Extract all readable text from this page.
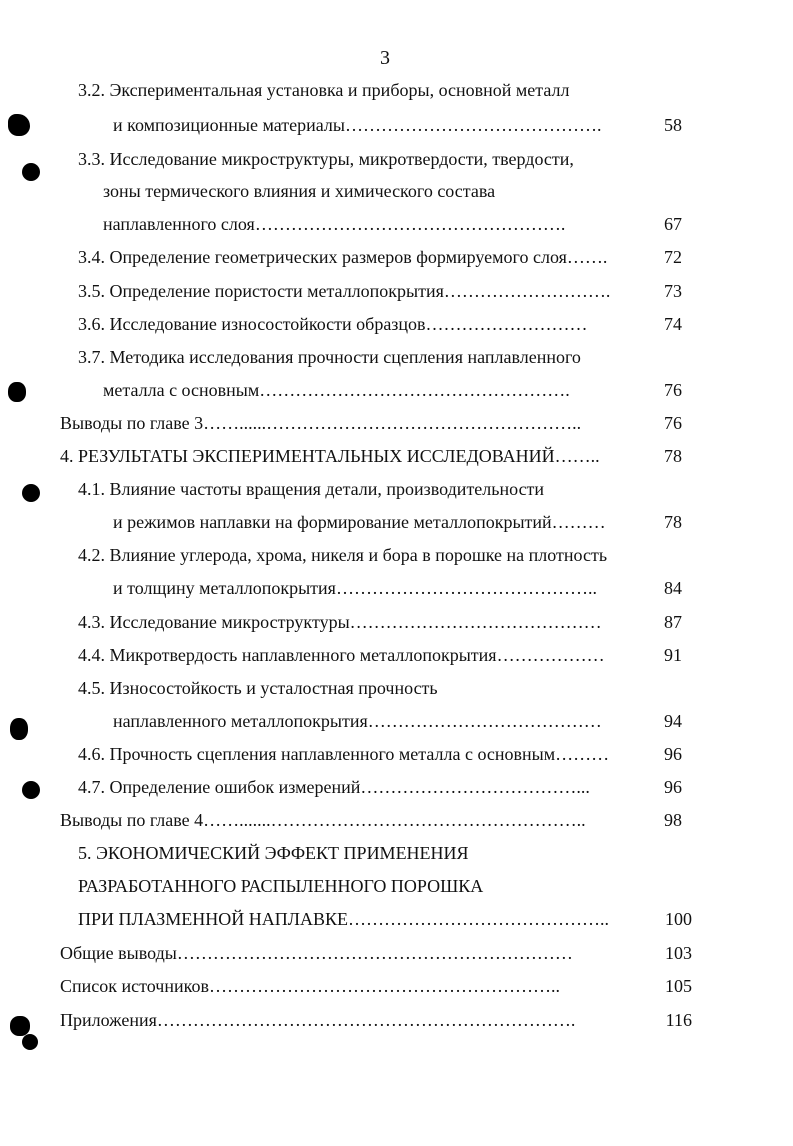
3
3.2. Экспериментальная установка и приборы, основной металл
и композиционные материалы…………………………………….	58
3.3. Исследование микроструктуры, микротвердости, твердости,
зоны термического влияния и химического состава
наплавленного слоя…………………………………………….	67
3.4. Определение геометрических размеров формируемого слоя…….	72
3.5. Определение пористости металлопокрытия……………………….	73
3.6. Исследование износостойкости образцов………………………	74
3.7. Методика исследования прочности сцепления наплавленного
металла с основным…………………………………………….	76
Выводы по главе 3……......……………………………………………..	76
4. РЕЗУЛЬТАТЫ ЭКСПЕРИМЕНТАЛЬНЫХ ИССЛЕДОВАНИЙ……..	78
4.1. Влияние частоты вращения детали, производительности
и режимов наплавки на формирование металлопокрытий………	78
4.2. Влияние углерода, хрома, никеля и бора в порошке на плотность
и толщину металлопокрытия……………………………………..	84
4.3. Исследование микроструктуры……………………………………	87
4.4. Микротвердость наплавленного металлопокрытия………………	91
4.5. Износостойкость и усталостная прочность
наплавленного металлопокрытия…………………………………	94
4.6. Прочность сцепления наплавленного металла с основным………	96
4.7. Определение ошибок измерений………………………………...	96
Выводы по главе 4…….......……………………………………………..	98
5. ЭКОНОМИЧЕСКИЙ ЭФФЕКТ ПРИМЕНЕНИЯ
РАЗРАБОТАННОГО РАСПЫЛЕННОГО ПОРОШКА
ПРИ ПЛАЗМЕННОЙ НАПЛАВКЕ……………………………………..	100
Общие выводы…………………………………………………………	103
Список источников…………………………………………………..	105
Приложения…………………………………………………………….	116
